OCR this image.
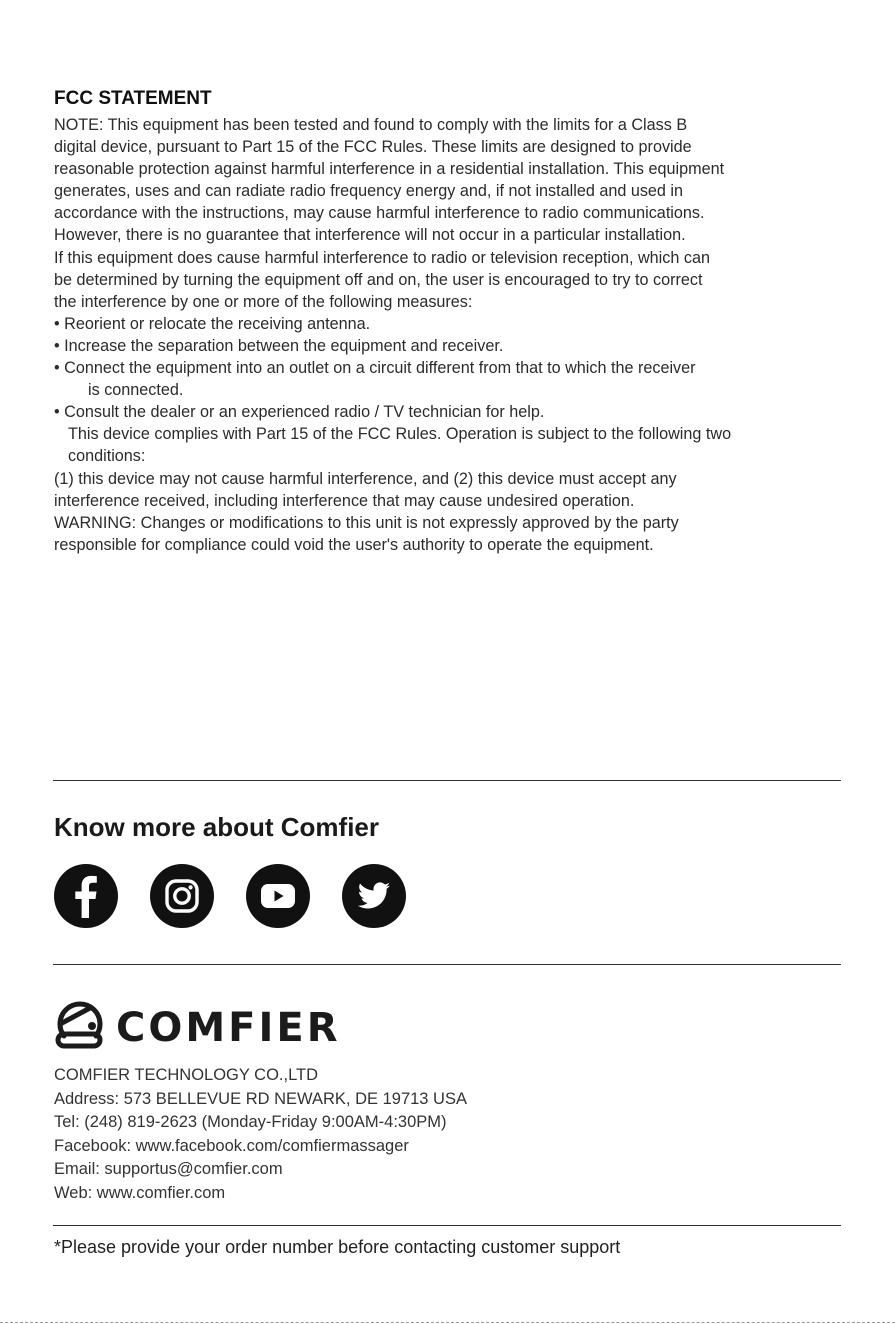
FCC STATEMENT
NOTE: This equipment has been tested and found to comply with the limits for a Class B
digital device, pursuant to Part 15 of the FCC Rules. These limits are designed to provide
reasonable protection against harmful interference in a residential installation. This equipment
generates, uses and can radiate radio frequency energy and, if not installed and used in
accordance with the instructions, may cause harmful interference to radio communications.
However, there is no guarantee that interference will not occur in a particular installation.
If this equipment does cause harmful interference to radio or television reception, which can
be determined by turning the equipment off and on, the user is encouraged to try to correct
the interference by one or more of the following measures:
• Reorient or relocate the receiving antenna.
• Increase the separation between the equipment and receiver.
• Connect the equipment into an outlet on a circuit different from that to which the receiver
is connected.
• Consult the dealer or an experienced radio / TV technician for help.
This device complies with Part 15 of the FCC Rules. Operation is subject to the following two
conditions:
(1) this device may not cause harmful interference, and (2) this device must accept any
interference received, including interference that may cause undesired operation.
WARNING: Changes or modifications to this unit is not expressly approved by the party
responsible for compliance could void the user's authority to operate the equipment.
Know more about Comfier
COMFIER
COMFIER TECHNOLOGY CO.,LTD
Address: 573 BELLEVUE RD NEWARK, DE 19713 USA
Tel: (248) 819-2623 (Monday-Friday 9:00AM-4:30PM)
Facebook: www.facebook.com/comfiermassager
Email: supportus@comfier.com
Web: www.comfier.com
*Please provide your order number before contacting customer support
